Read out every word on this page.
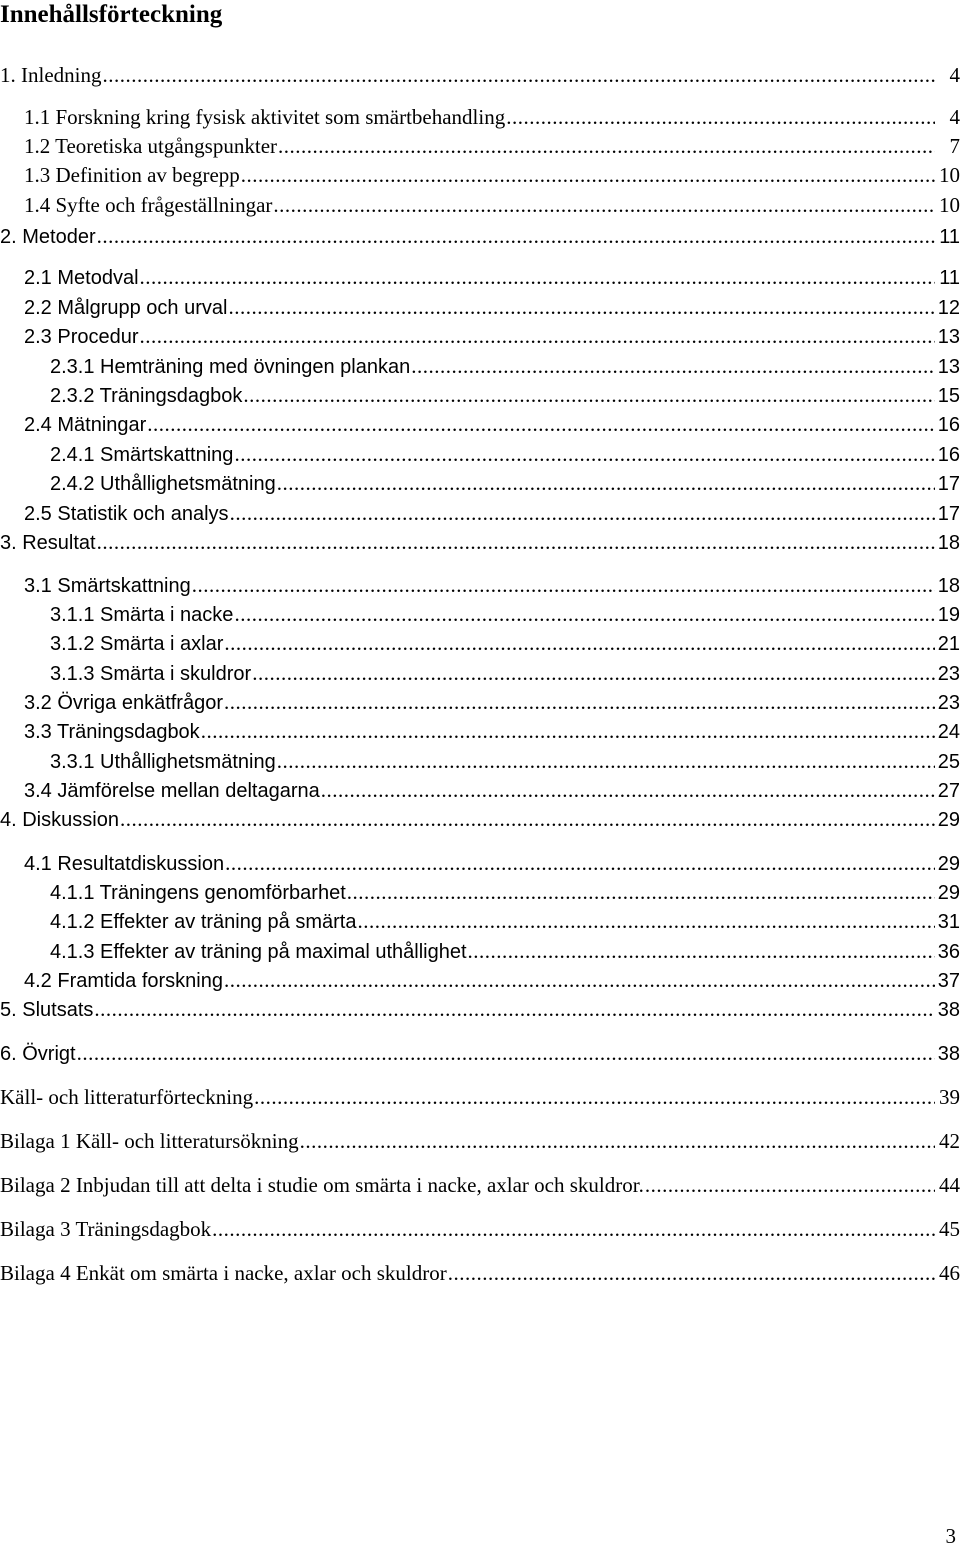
Innehållsförteckning
1. Inledning .....	4
1.1 Forskning kring fysisk aktivitet som smärtbehandling .....	4
1.2 Teoretiska utgångspunkter .....	7
1.3 Definition av begrepp .....	10
1.4 Syfte och frågeställningar .....	10
2. Metoder .....	11
2.1 Metodval .....	11
2.2 Målgrupp och urval .....	12
2.3 Procedur .....	13
2.3.1 Hemträning med övningen plankan .....	13
2.3.2 Träningsdagbok .....	15
2.4 Mätningar .....	16
2.4.1 Smärtskattning .....	16
2.4.2 Uthållighetsmätning .....	17
2.5 Statistik och analys .....	17
3. Resultat .....	18
3.1 Smärtskattning .....	18
3.1.1 Smärta i nacke .....	19
3.1.2 Smärta i axlar .....	21
3.1.3 Smärta i skuldror .....	23
3.2 Övriga enkätfrågor .....	23
3.3 Träningsdagbok .....	24
3.3.1 Uthållighetsmätning .....	25
3.4 Jämförelse mellan deltagarna .....	27
4. Diskussion .....	29
4.1 Resultatdiskussion .....	29
4.1.1 Träningens genomförbarhet .....	29
4.1.2 Effekter av träning på smärta .....	31
4.1.3 Effekter av träning på maximal uthållighet .....	36
4.2 Framtida forskning .....	37
5. Slutsats .....	38
6. Övrigt .....	38
Käll- och litteraturförteckning .....	39
Bilaga 1 Käll- och litteratursökning .....	42
Bilaga 2 Inbjudan till att delta i studie om smärta i nacke, axlar och skuldror. .....	44
Bilaga 3 Träningsdagbok .....	45
Bilaga 4 Enkät om smärta i nacke, axlar och skuldror .....	46
3
